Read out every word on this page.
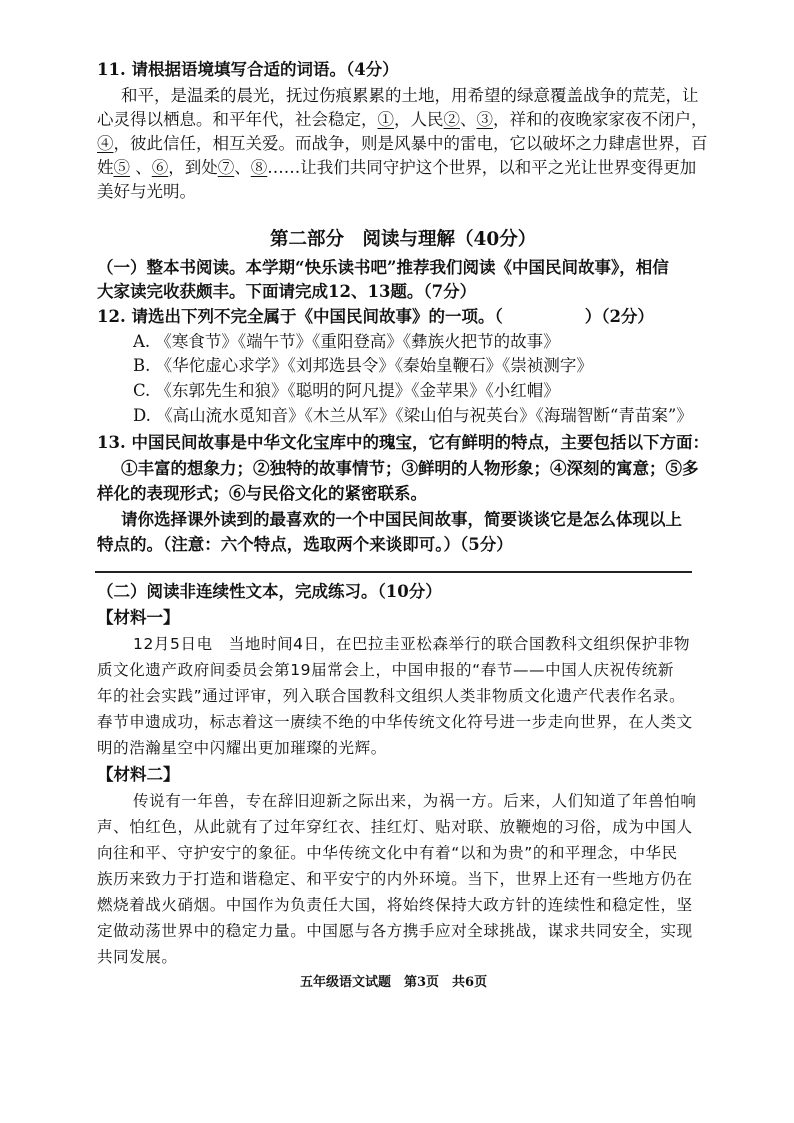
11. 请根据语境填写合适的词语。（4分）
和平，是温柔的晨光，抚过伤痕累累的土地，用希望的绿意覆盖战争的荒芜，让
心灵得以栖息。和平年代，社会稳定，①，人民②、③，祥和的夜晚家家夜不闭户，
④，彼此信任，相互关爱。而战争，则是风暴中的雷电，它以破坏之力肆虐世界，百
姓⑤ 、⑥，到处⑦、⑧……让我们共同守护这个世界，以和平之光让世界变得更加
美好与光明。
第二部分　阅读与理解（40分）
（一）整本书阅读。本学期“快乐读书吧”推荐我们阅读《中国民间故事》，相信
大家读完收获颇丰。下面请完成12、13题。（7分）
12. 请选出下列不完全属于《中国民间故事》的一项。（	）（2分）
A. 《寒食节》《端午节》《重阳登高》《彝族火把节的故事》
B. 《华佗虚心求学》《刘邦选县令》《秦始皇鞭石》《崇祯测字》
C. 《东郭先生和狼》《聪明的阿凡提》《金苹果》《小红帽》
D. 《高山流水觅知音》《木兰从军》《梁山伯与祝英台》《海瑞智断“青苗案”》
13. 中国民间故事是中华文化宝库中的瑰宝，它有鲜明的特点，主要包括以下方面：
①丰富的想象力；②独特的故事情节；③鲜明的人物形象；④深刻的寓意；⑤多
样化的表现形式；⑥与民俗文化的紧密联系。
请你选择课外读到的最喜欢的一个中国民间故事，简要谈谈它是怎么体现以上
特点的。（注意：六个特点，选取两个来谈即可。）（5分）
（二）阅读非连续性文本，完成练习。（10分）
【材料一】
12月5日电　当地时间4日，在巴拉圭亚松森举行的联合国教科文组织保护非物
质文化遗产政府间委员会第19届常会上，中国申报的“春节——中国人庆祝传统新
年的社会实践”通过评审，列入联合国教科文组织人类非物质文化遗产代表作名录。
春节申遗成功，标志着这一赓续不绝的中华传统文化符号进一步走向世界，在人类文
明的浩瀚星空中闪耀出更加璀璨的光辉。
【材料二】
传说有一年兽，专在辞旧迎新之际出来，为祸一方。后来，人们知道了年兽怕响
声、怕红色，从此就有了过年穿红衣、挂红灯、贴对联、放鞭炮的习俗，成为中国人
向往和平、守护安宁的象征。中华传统文化中有着“以和为贵”的和平理念，中华民
族历来致力于打造和谐稳定、和平安宁的内外环境。当下，世界上还有一些地方仍在
燃烧着战火硝烟。中国作为负责任大国，将始终保持大政方针的连续性和稳定性，坚
定做动荡世界中的稳定力量。中国愿与各方携手应对全球挑战，谋求共同安全，实现
共同发展。
五年级语文试题　第3页　共6页
